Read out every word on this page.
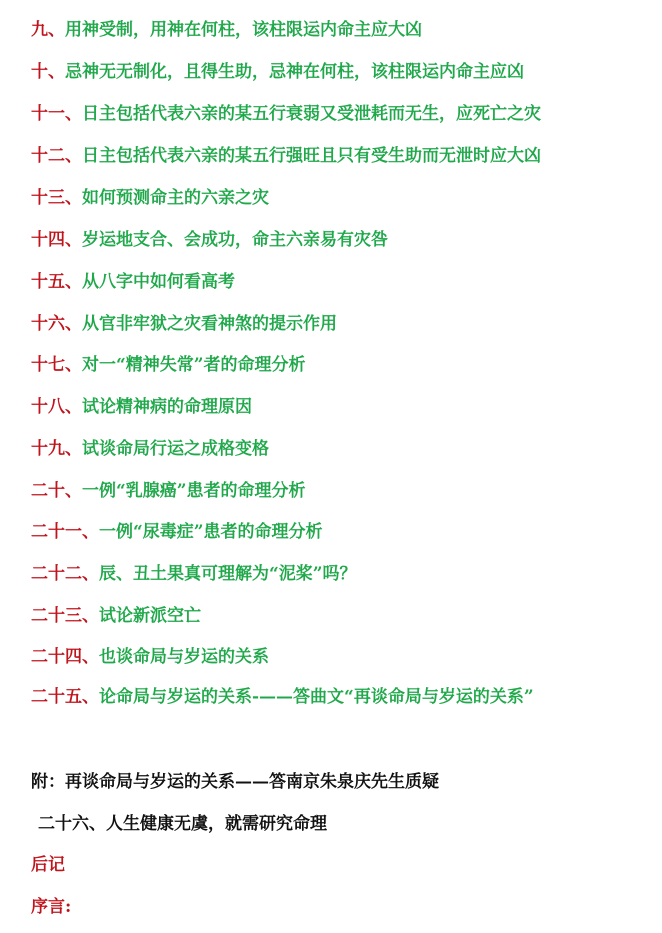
九、用神受制，用神在何柱，该柱限运内命主应大凶
十、忌神无无制化，且得生助，忌神在何柱，该柱限运内命主应凶
十一、日主包括代表六亲的某五行衰弱又受泄耗而无生，应死亡之灾
十二、日主包括代表六亲的某五行强旺且只有受生助而无泄时应大凶
十三、如何预测命主的六亲之灾
十四、岁运地支合、会成功，命主六亲易有灾咎
十五、从八字中如何看高考
十六、从官非牢狱之灾看神煞的提示作用
十七、对一“精神失常”者的命理分析
十八、试论精神病的命理原因
十九、试谈命局行运之成格变格
二十、一例“乳腺癌”患者的命理分析
二十一、一例“尿毒症”患者的命理分析
二十二、辰、丑土果真可理解为“泥桨”吗？
二十三、试论新派空亡
二十四、也谈命局与岁运的关系
二十五、论命局与岁运的关系-——答曲文“再谈命局与岁运的关系”
附：再谈命局与岁运的关系——答南京朱泉庆先生质疑
二十六、人生健康无虞，就需研究命理
后记
序言:
